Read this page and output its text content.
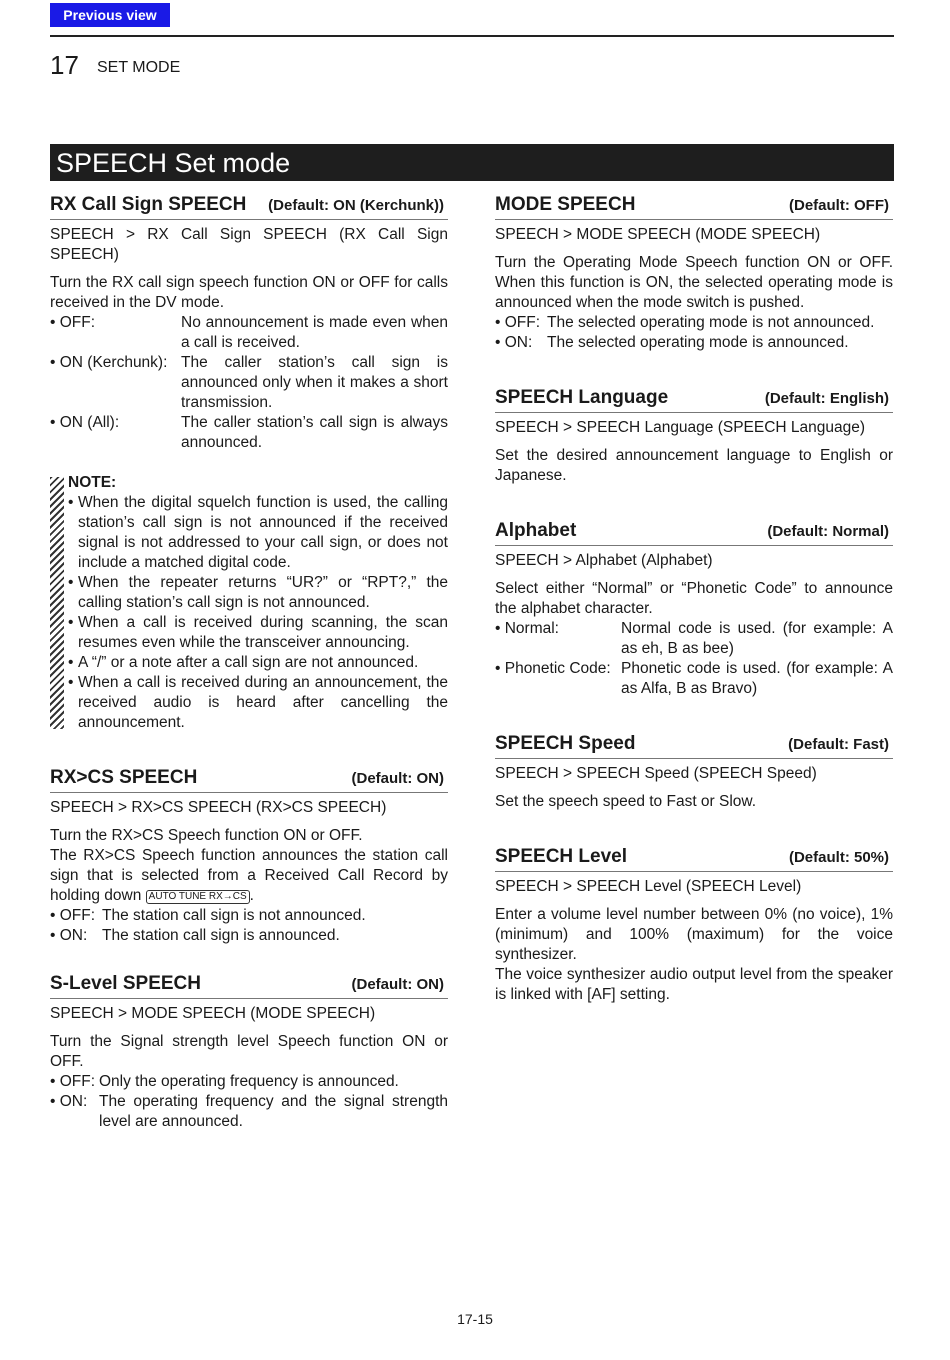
Previous view
17 SET MODE
SPEECH Set mode
RX Call Sign SPEECH (Default: ON (Kerchunk))

SPEECH > RX Call Sign SPEECH (RX Call Sign SPEECH)

Turn the RX call sign speech function ON or OFF for calls received in the DV mode.

• OFF:	No announcement is made even when a call is received.
• ON (Kerchunk): The caller station’s call sign is announced only when it makes a short transmission.
• ON (All):	The caller station’s call sign is always announced.
NOTE:
• When the digital squelch function is used, the calling station’s call sign is not announced if the received signal is not addressed to your call sign, or does not include a matched digital code.
• When the repeater returns “UR?” or “RPT?,” the calling station’s call sign is not announced.
• When a call is received during scanning, the scan resumes even while the transceiver announcing.
• A “/” or a note after a call sign are not announced.
• When a call is received during an announcement, the received audio is heard after cancelling the announcement.
RX>CS SPEECH	(Default: ON)

SPEECH > RX>CS SPEECH (RX>CS SPEECH)

Turn the RX>CS Speech function ON or OFF.

The RX>CS Speech function announces the station call sign that is selected from a Received Call Record by holding down AUTO TUNE RX→CS .

• OFF: The station call sign is not announced.
• ON: The station call sign is announced.
S-Level SPEECH	(Default: ON)

SPEECH > MODE SPEECH (MODE SPEECH)

Turn the Signal strength level Speech function ON or OFF.

• OFF: Only the operating frequency is announced.
• ON: The operating frequency and the signal strength level are announced.
MODE SPEECH	(Default: OFF)

SPEECH > MODE SPEECH (MODE SPEECH)

Turn the Operating Mode Speech function ON or OFF. When this function is ON, the selected operating mode is announced when the mode switch is pushed.

• OFF: The selected operating mode is not announced.
• ON: The selected operating mode is announced.
SPEECH Language	(Default: English)

SPEECH > SPEECH Language (SPEECH Language)

Set the desired announcement language to English or Japanese.

Alphabet	(Default: Normal)

SPEECH > Alphabet (Alphabet)

Select either “Normal” or “Phonetic Code” to announce the alphabet character.

• Normal:	Normal code is used. (for example: A as eh, B as bee)
• Phonetic Code: Phonetic code is used. (for example: A as Alfa, B as Bravo)
SPEECH Speed	(Default: Fast)

SPEECH > SPEECH Speed (SPEECH Speed)

Set the speech speed to Fast or Slow.

SPEECH Level	(Default: 50%)

SPEECH > SPEECH Level (SPEECH Level)

Enter a volume level number between 0% (no voice), 1% (minimum) and 100% (maximum) for the voice synthesizer.

The voice synthesizer audio output level from the speaker is linked with [AF] setting.

17-15
